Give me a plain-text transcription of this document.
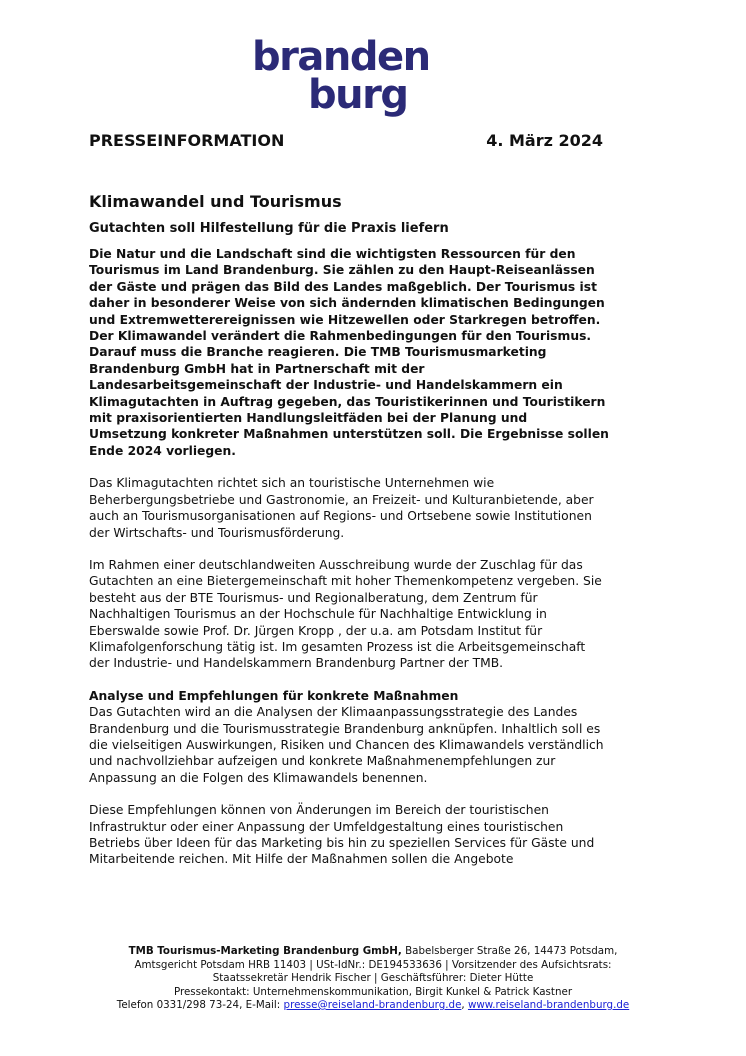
branden
burg
PRESSEINFORMATION	4. März 2024
Klimawandel und Tourismus
Gutachten soll Hilfestellung für die Praxis liefern

Die Natur und die Landschaft sind die wichtigsten Ressourcen für den Tourismus im Land Brandenburg. Sie zählen zu den Haupt-Reiseanlässen der Gäste und prägen das Bild des Landes maßgeblich. Der Tourismus ist daher in besonderer Weise von sich ändernden klimatischen Bedingungen und Extremwetterereignissen wie Hitzewellen oder Starkregen betroffen. Der Klimawandel verändert die Rahmenbedingungen für den Tourismus. Darauf muss die Branche reagieren. Die TMB Tourismusmarketing Brandenburg GmbH hat in Partnerschaft mit der Landesarbeitsgemeinschaft der Industrie- und Handelskammern ein Klimagutachten in Auftrag gegeben, das Touristikerinnen und Touristikern mit praxisorientierten Handlungsleitfäden bei der Planung und Umsetzung konkreter Maßnahmen unterstützen soll. Die Ergebnisse sollen Ende 2024 vorliegen.

Das Klimagutachten richtet sich an touristische Unternehmen wie Beherbergungsbetriebe und Gastronomie, an Freizeit- und Kulturanbietende, aber auch an Tourismusorganisationen auf Regions- und Ortsebene sowie Institutionen der Wirtschafts- und Tourismusförderung.

Im Rahmen einer deutschlandweiten Ausschreibung wurde der Zuschlag für das Gutachten an eine Bietergemeinschaft mit hoher Themenkompetenz vergeben. Sie besteht aus der BTE Tourismus- und Regionalberatung, dem Zentrum für Nachhaltigen Tourismus an der Hochschule für Nachhaltige Entwicklung in Eberswalde sowie Prof. Dr. Jürgen Kropp , der u.a. am Potsdam Institut für Klimafolgenforschung tätig ist. Im gesamten Prozess ist die Arbeitsgemeinschaft der Industrie- und Handelskammern Brandenburg Partner der TMB.

Analyse und Empfehlungen für konkrete Maßnahmen

Das Gutachten wird an die Analysen der Klimaanpassungsstrategie des Landes Brandenburg und die Tourismusstrategie Brandenburg anknüpfen. Inhaltlich soll es die vielseitigen Auswirkungen, Risiken und Chancen des Klimawandels verständlich und nachvollziehbar aufzeigen und konkrete Maßnahmenempfehlungen zur Anpassung an die Folgen des Klimawandels benennen.

Diese Empfehlungen können von Änderungen im Bereich der touristischen Infrastruktur oder einer Anpassung der Umfeldgestaltung eines touristischen Betriebs über Ideen für das Marketing bis hin zu speziellen Services für Gäste und Mitarbeitende reichen. Mit Hilfe der Maßnahmen sollen die Angebote

TMB Tourismus-Marketing Brandenburg GmbH, Babelsberger Straße 26, 14473 Potsdam,
Amtsgericht Potsdam HRB 11403 | USt-IdNr.: DE194533636 | Vorsitzender des Aufsichtsrats:
Staatssekretär Hendrik Fischer | Geschäftsführer: Dieter Hütte
Pressekontakt: Unternehmenskommunikation, Birgit Kunkel & Patrick Kastner
Telefon 0331/298 73-24, E-Mail: presse@reiseland-brandenburg.de, www.reiseland-brandenburg.de
